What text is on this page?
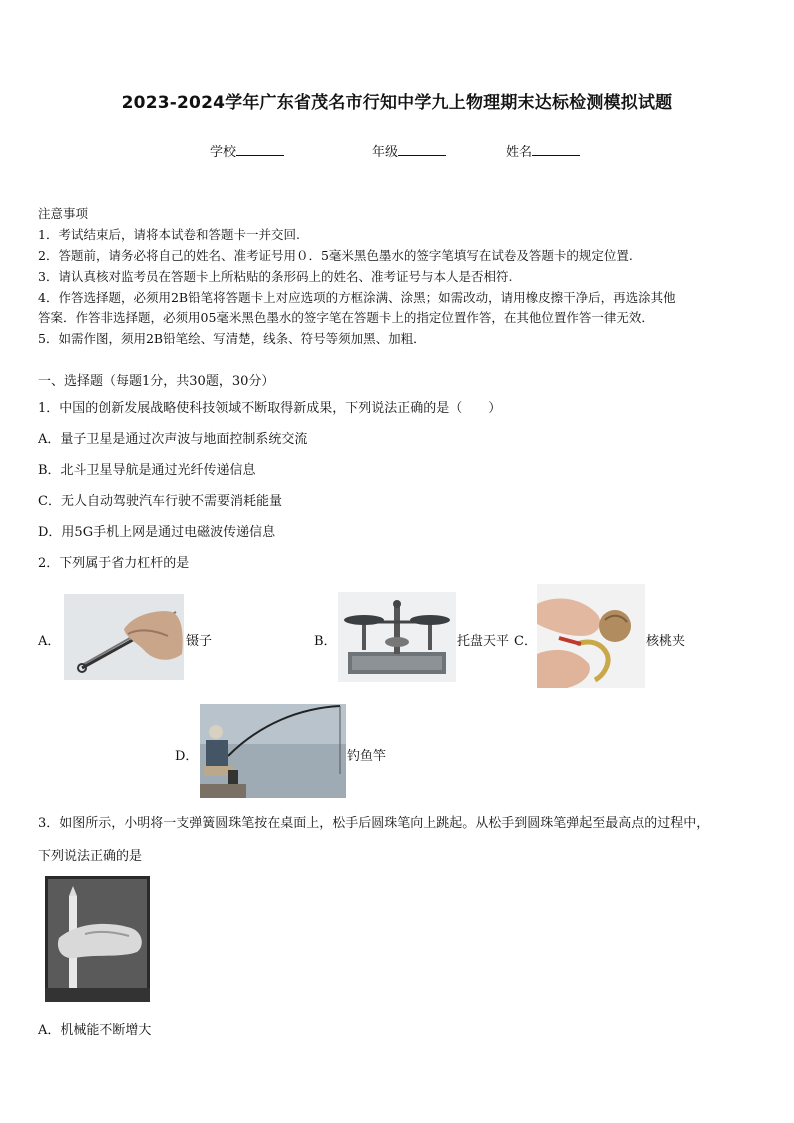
2023-2024学年广东省茂名市行知中学九上物理期末达标检测模拟试题
学校	年级	姓名
注意事项
1．考试结束后，请将本试卷和答题卡一并交回.
2．答题前，请务必将自己的姓名、准考证号用０．5毫米黑色墨水的签字笔填写在试卷及答题卡的规定位置.
3．请认真核对监考员在答题卡上所粘贴的条形码上的姓名、准考证号与本人是否相符.
4．作答选择题，必须用2B铅笔将答题卡上对应选项的方框涂满、涂黑；如需改动，请用橡皮擦干净后，再选涂其他
答案．作答非选择题，必须用05毫米黑色墨水的签字笔在答题卡上的指定位置作答，在其他位置作答一律无效．
5．如需作图，须用2B铅笔绘、写清楚，线条、符号等须加黑、加粗．
一、选择题（每题1分，共30题，30分）
1．中国的创新发展战略使科技领域不断取得新成果，下列说法正确的是（　　）
A．量子卫星是通过次声波与地面控制系统交流
B．北斗卫星导航是通过光纤传递信息
C．无人自动驾驶汽车行驶不需要消耗能量
D．用5G手机上网是通过电磁波传递信息
2．下列属于省力杠杆的是
A．	镊子	B．	托盘天平 C．	核桃夹
D．	钓鱼竿
3．如图所示，小明将一支弹簧圆珠笔按在桌面上，松手后圆珠笔向上跳起。从松手到圆珠笔弹起至最高点的过程中，
下列说法正确的是
A．机械能不断增大
